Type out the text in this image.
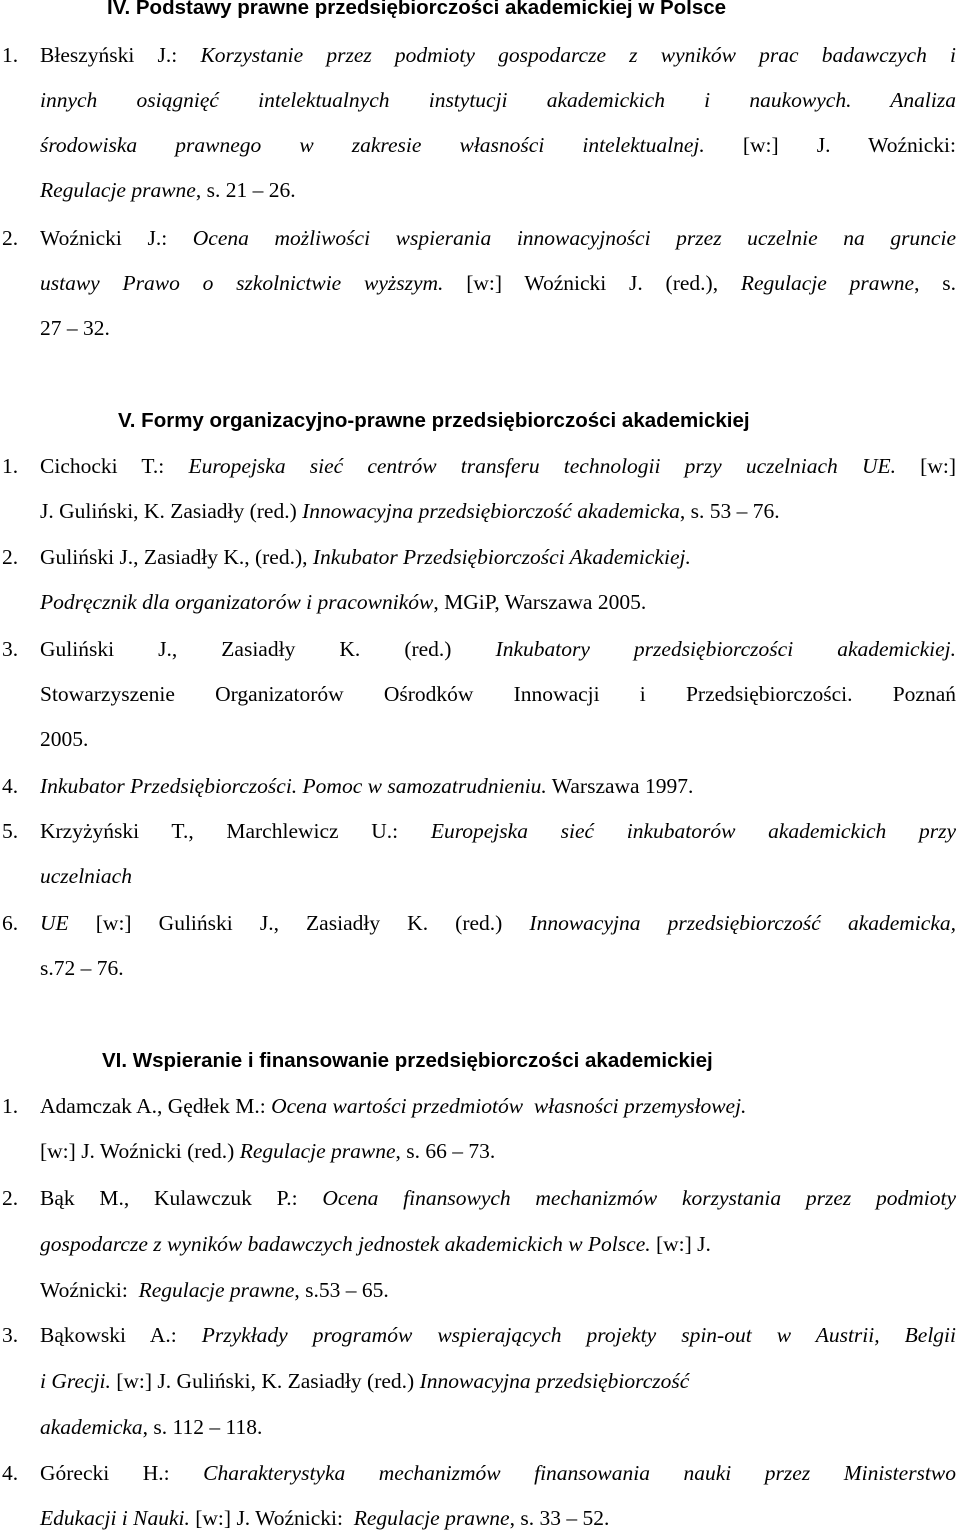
IV. Podstawy prawne przedsiębiorczości akademickiej w Polsce
1. Błeszyński J.: Korzystanie przez podmioty gospodarcze z wyników prac badawczych i
innych osiągnięć intelektualnych instytucji akademickich i naukowych. Analiza
środowiska prawnego w zakresie własności intelektualnej. [w:] J. Woźnicki:
Regulacje prawne, s. 21 – 26.
2. Woźnicki J.: Ocena możliwości wspierania innowacyjności przez uczelnie na gruncie
ustawy Prawo o szkolnictwie wyższym. [w:] Woźnicki J. (red.), Regulacje prawne, s.
27 – 32.
V. Formy organizacyjno-prawne przedsiębiorczości akademickiej
1. Cichocki T.: Europejska sieć centrów transferu technologii przy uczelniach UE. [w:]
J. Guliński, K. Zasiadły (red.) Innowacyjna przedsiębiorczość akademicka, s. 53 – 76.
2. Guliński J., Zasiadły K., (red.), Inkubator Przedsiębiorczości Akademickiej.
Podręcznik dla organizatorów i pracowników, MGiP, Warszawa 2005.
3. Guliński J., Zasiadły K. (red.) Inkubatory przedsiębiorczości akademickiej.
Stowarzyszenie Organizatorów Ośrodków Innowacji i Przedsiębiorczości. Poznań
2005.
4. Inkubator Przedsiębiorczości. Pomoc w samozatrudnieniu. Warszawa 1997.
5. Krzyżyński T., Marchlewicz U.: Europejska sieć inkubatorów akademickich przy
uczelniach
6. UE [w:] Guliński J., Zasiadły K. (red.) Innowacyjna przedsiębiorczość akademicka,
s.72 – 76.
VI. Wspieranie i finansowanie przedsiębiorczości akademickiej
1. Adamczak A., Gędłek M.: Ocena wartości przedmiotów  własności przemysłowej.
[w:] J. Woźnicki (red.) Regulacje prawne, s. 66 – 73.
2. Bąk M., Kulawczuk P.: Ocena finansowych mechanizmów korzystania przez podmioty
gospodarcze z wyników badawczych jednostek akademickich w Polsce. [w:] J.
Woźnicki:  Regulacje prawne, s.53 – 65.
3. Bąkowski A.: Przykłady programów wspierających projekty spin-out w Austrii, Belgii
i Grecji. [w:] J. Guliński, K. Zasiadły (red.) Innowacyjna przedsiębiorczość
akademicka, s. 112 – 118.
4. Górecki H.: Charakterystyka mechanizmów finansowania nauki przez Ministerstwo
Edukacji i Nauki. [w:] J. Woźnicki:  Regulacje prawne, s. 33 – 52.
